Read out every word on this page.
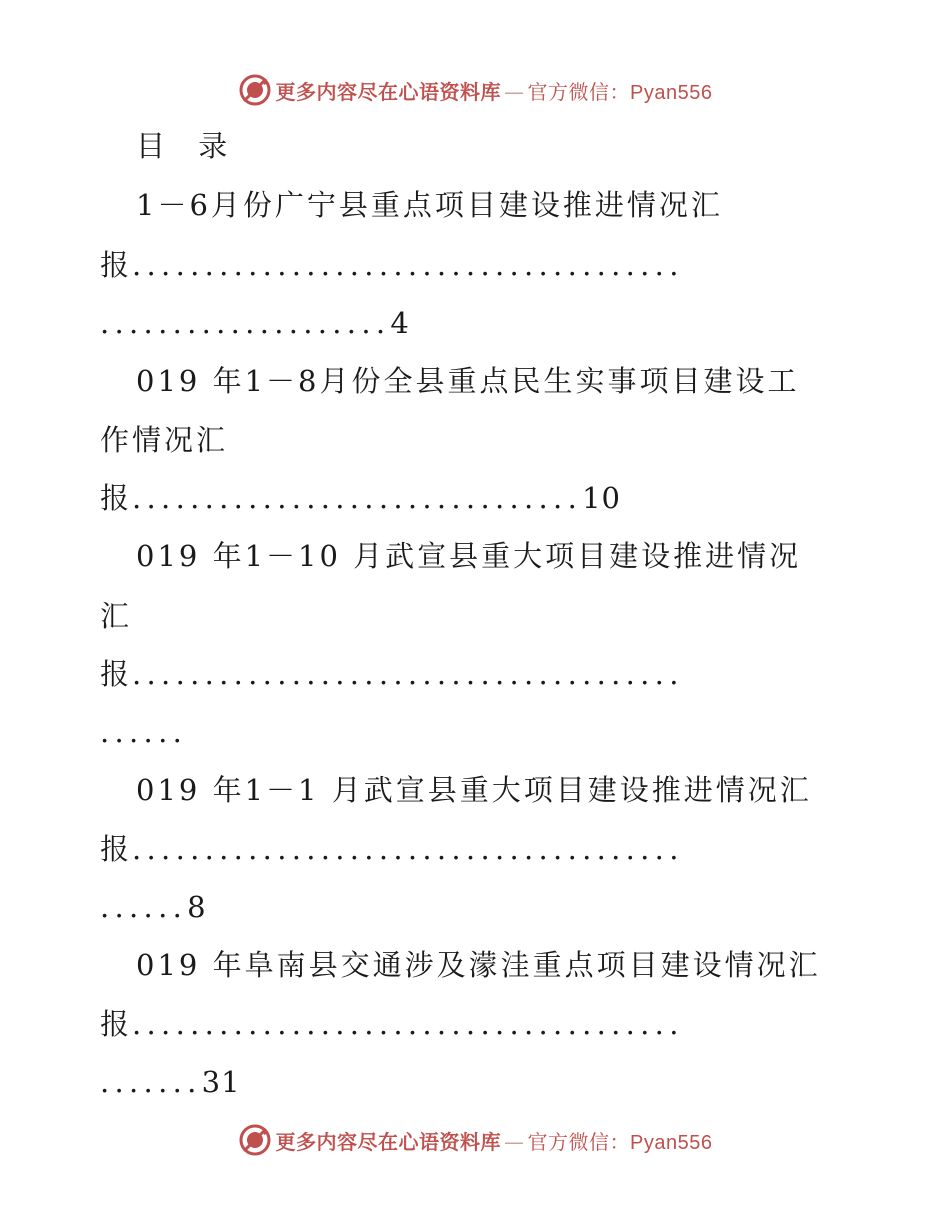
更多内容尽在心语资料库 — 官方微信：Pyan556
目 录
1－6月份广宁县重点项目建设推进情况汇
报......................................
....................4
019 年1－8月份全县重点民生实事项目建设工
作情况汇
报...............................10
019 年1－10 月武宣县重大项目建设推进情况
汇
报......................................
......
019 年1－1 月武宣县重大项目建设推进情况汇
报......................................
......8
019 年阜南县交通涉及濛洼重点项目建设情况汇
报......................................
.......31
更多内容尽在心语资料库 — 官方微信：Pyan556
